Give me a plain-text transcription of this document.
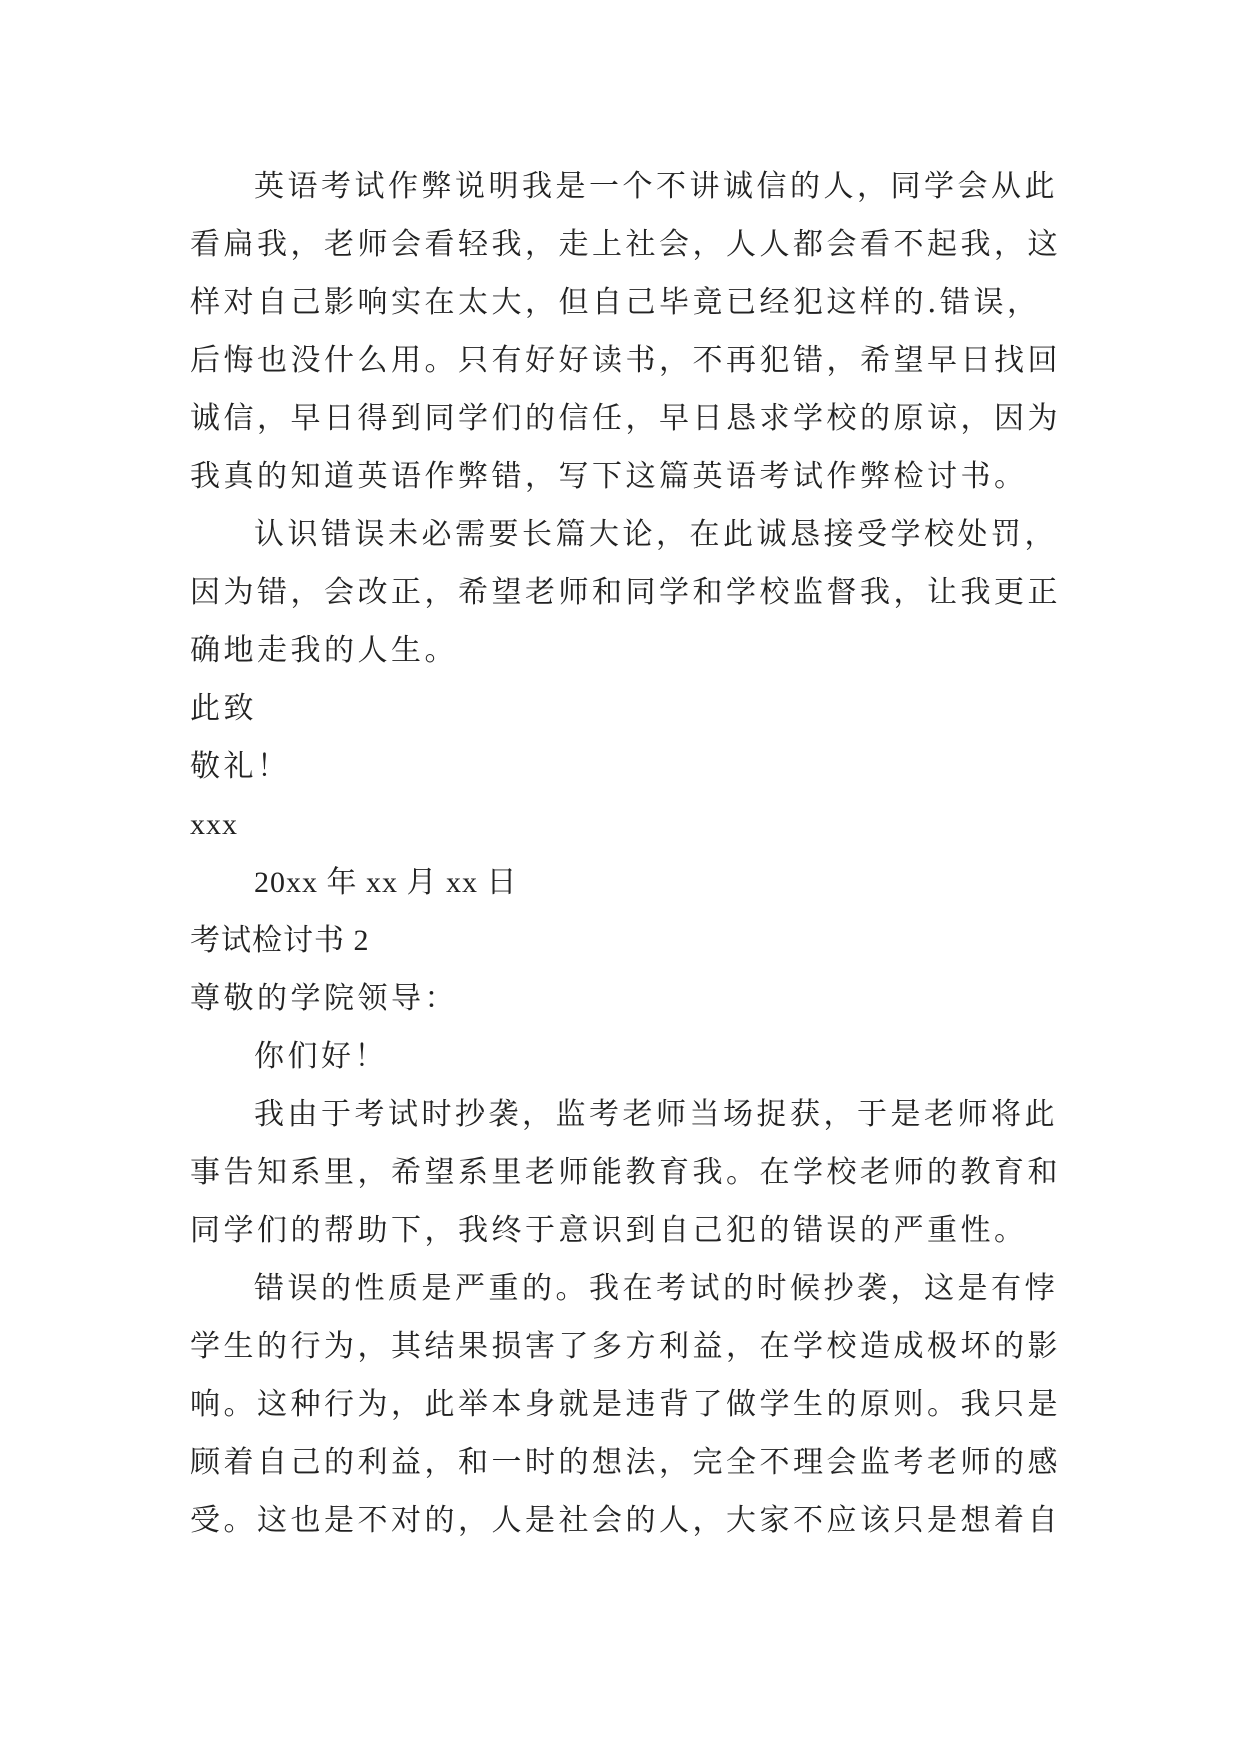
英语考试作弊说明我是一个不讲诚信的人，同学会从此
看扁我，老师会看轻我，走上社会，人人都会看不起我，这
样对自己影响实在太大，但自己毕竟已经犯这样的.错误，
后悔也没什么用。只有好好读书，不再犯错，希望早日找回
诚信，早日得到同学们的信任，早日恳求学校的原谅，因为
我真的知道英语作弊错，写下这篇英语考试作弊检讨书。
认识错误未必需要长篇大论，在此诚恳接受学校处罚，
因为错，会改正，希望老师和同学和学校监督我，让我更正
确地走我的人生。
此致
敬礼！
xxx
20xx 年 xx 月 xx 日
考试检讨书 2
尊敬的学院领导：
你们好！
我由于考试时抄袭，监考老师当场捉获，于是老师将此
事告知系里，希望系里老师能教育我。在学校老师的教育和
同学们的帮助下，我终于意识到自己犯的错误的严重性。
错误的性质是严重的。我在考试的时候抄袭，这是有悖
学生的行为，其结果损害了多方利益，在学校造成极坏的影
响。这种行为，此举本身就是违背了做学生的原则。我只是
顾着自己的利益，和一时的想法，完全不理会监考老师的感
受。这也是不对的，人是社会的人，大家不应该只是想着自
